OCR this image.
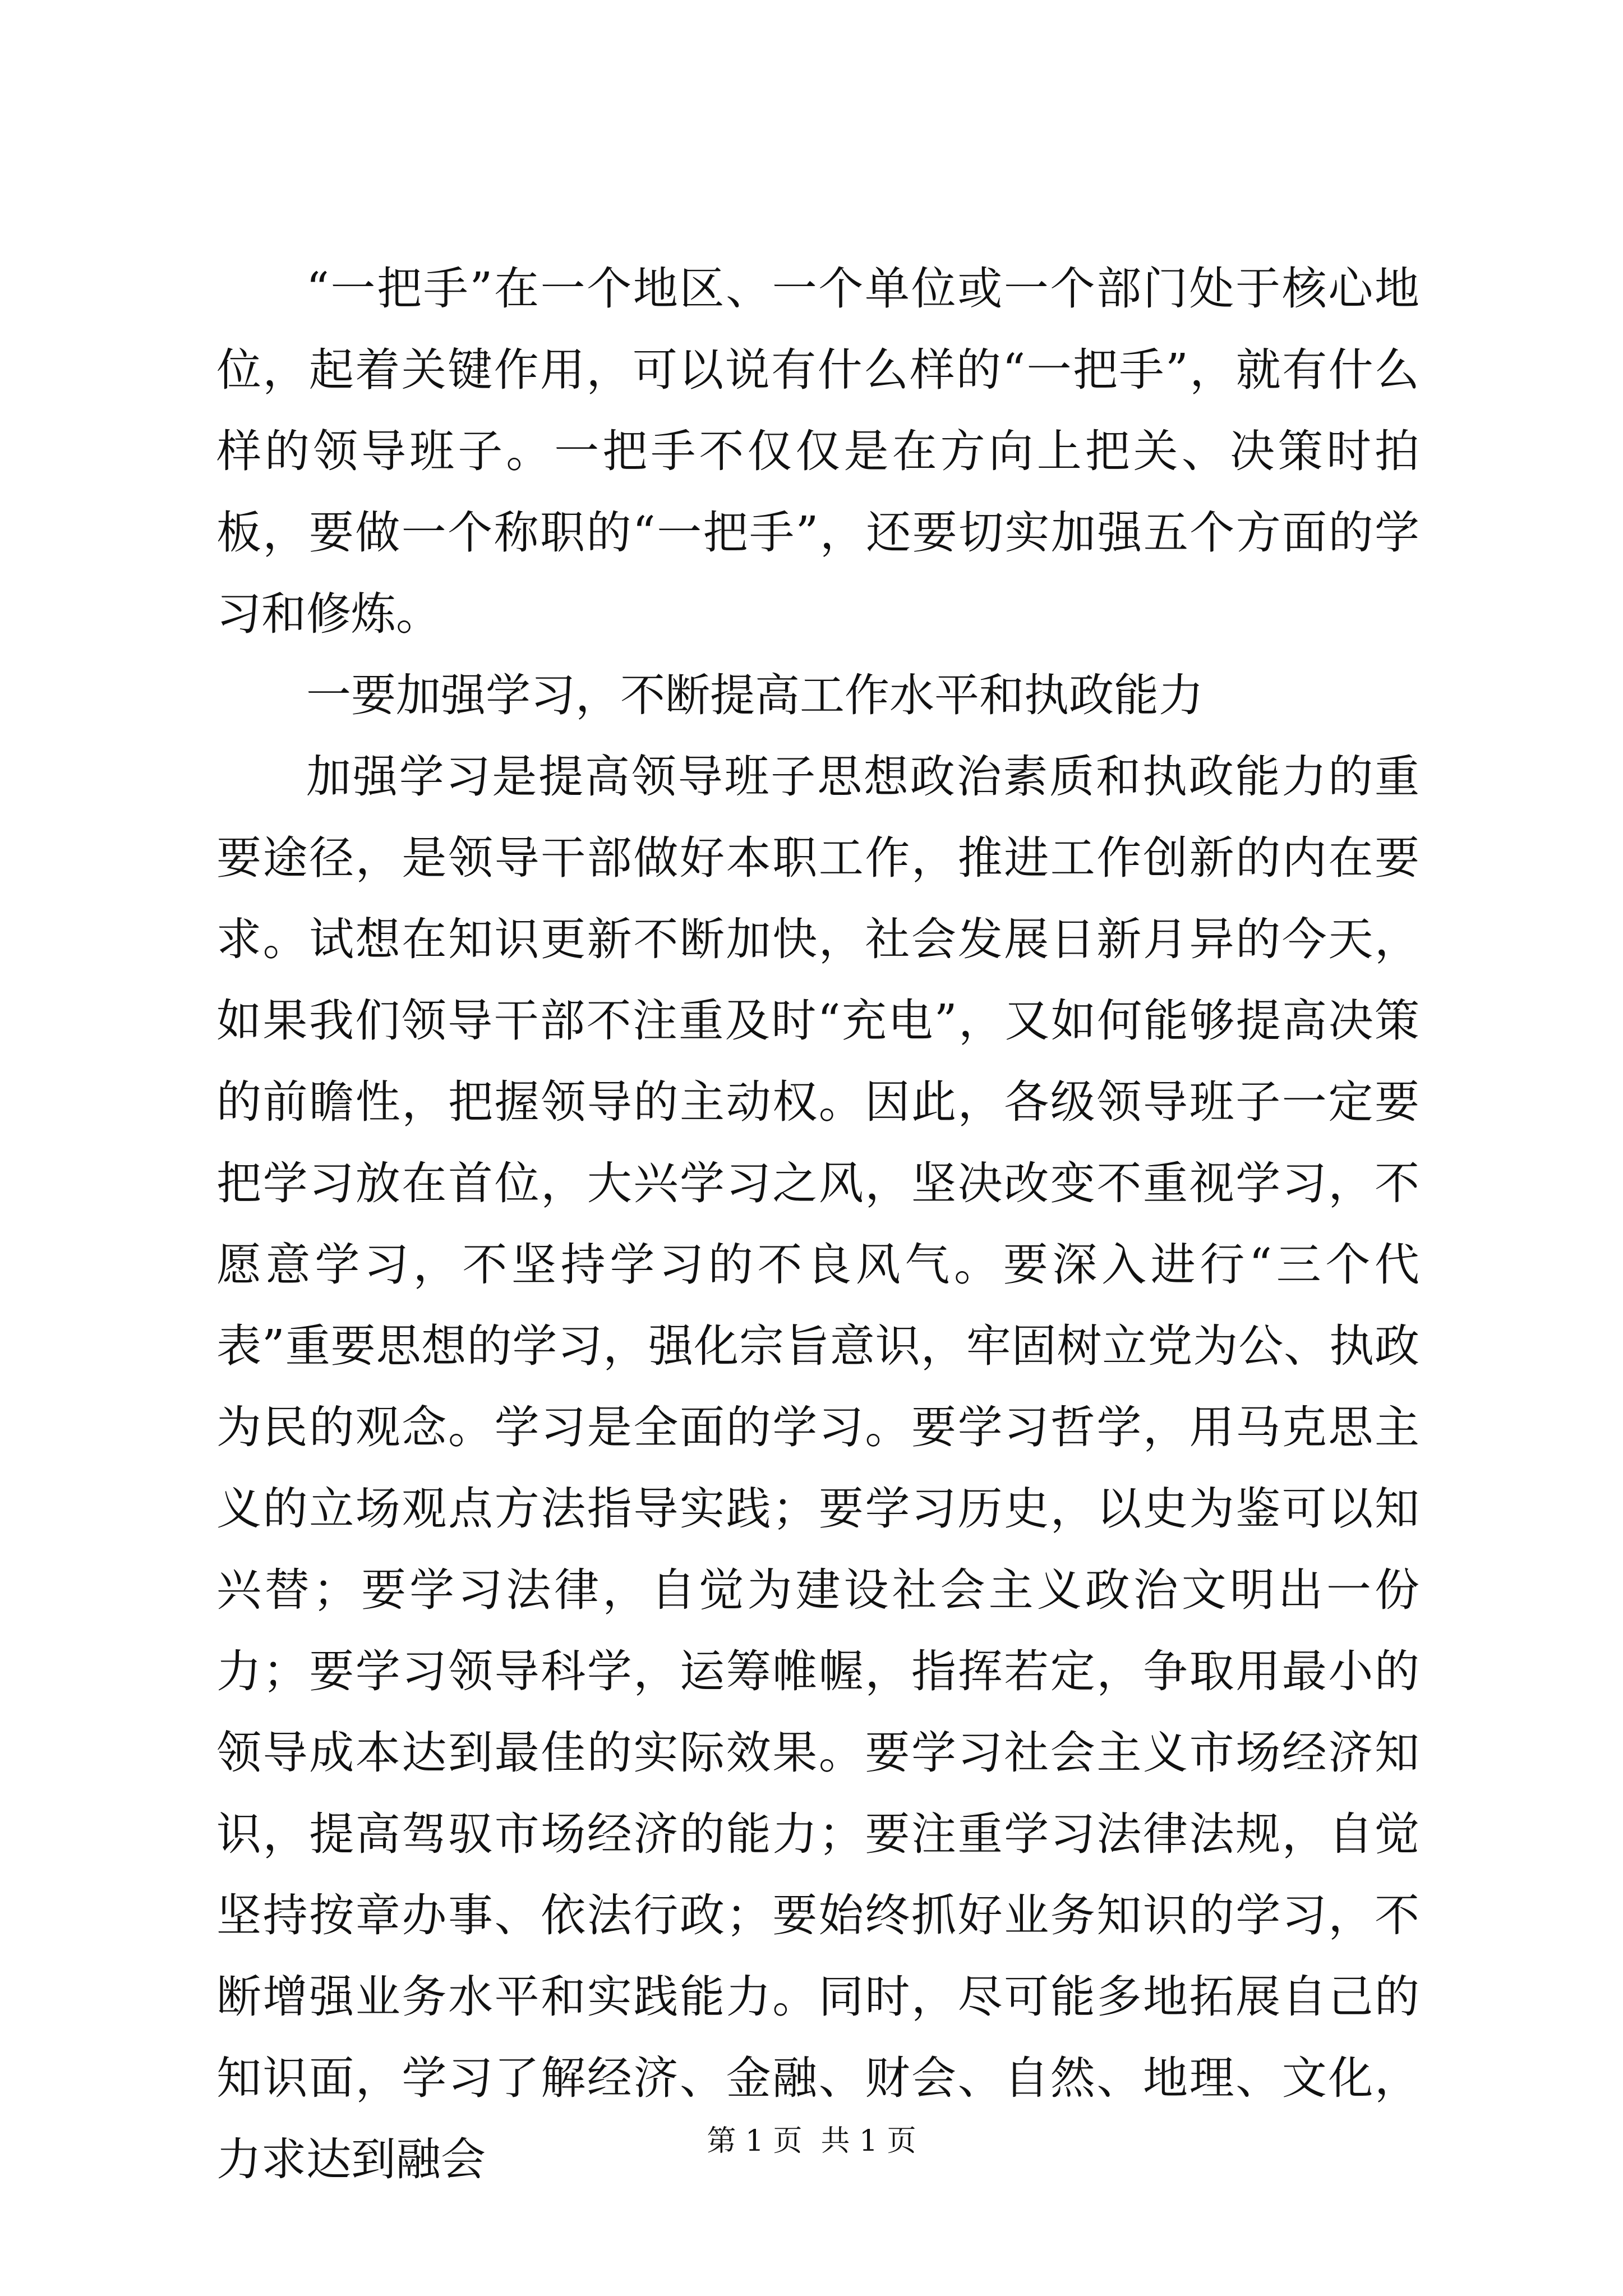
“一把手”在一个地区、一个单位或一个部门处于核心地位，起着关键作用，可以说有什么样的“一把手”，就有什么样的领导班子。一把手不仅仅是在方向上把关、决策时拍板，要做一个称职的“一把手”，还要切实加强五个方面的学习和修炼。

一要加强学习，不断提高工作水平和执政能力

加强学习是提高领导班子思想政治素质和执政能力的重要途径，是领导干部做好本职工作，推进工作创新的内在要求。试想在知识更新不断加快，社会发展日新月异的今天，如果我们领导干部不注重及时“充电”，又如何能够提高决策的前瞻性，把握领导的主动权。因此，各级领导班子一定要把学习放在首位，大兴学习之风，坚决改变不重视学习，不愿意学习，不坚持学习的不良风气。要深入进行“三个代表”重要思想的学习，强化宗旨意识，牢固树立党为公、执政为民的观念。学习是全面的学习。要学习哲学，用马克思主义的立场观点方法指导实践；要学习历史，以史为鉴可以知兴替；要学习法律，自觉为建设社会主义政治文明出一份力；要学习领导科学，运筹帷幄，指挥若定，争取用最小的领导成本达到最佳的实际效果。要学习社会主义市场经济知识，提高驾驭市场经济的能力；要注重学习法律法规，自觉坚持按章办事、依法行政；要始终抓好业务知识的学习，不断增强业务水平和实践能力。同时，尽可能多地拓展自己的知识面，学习了解经济、金融、财会、自然、地理、文化，力求达到融会	第 1 页  共 1 页
